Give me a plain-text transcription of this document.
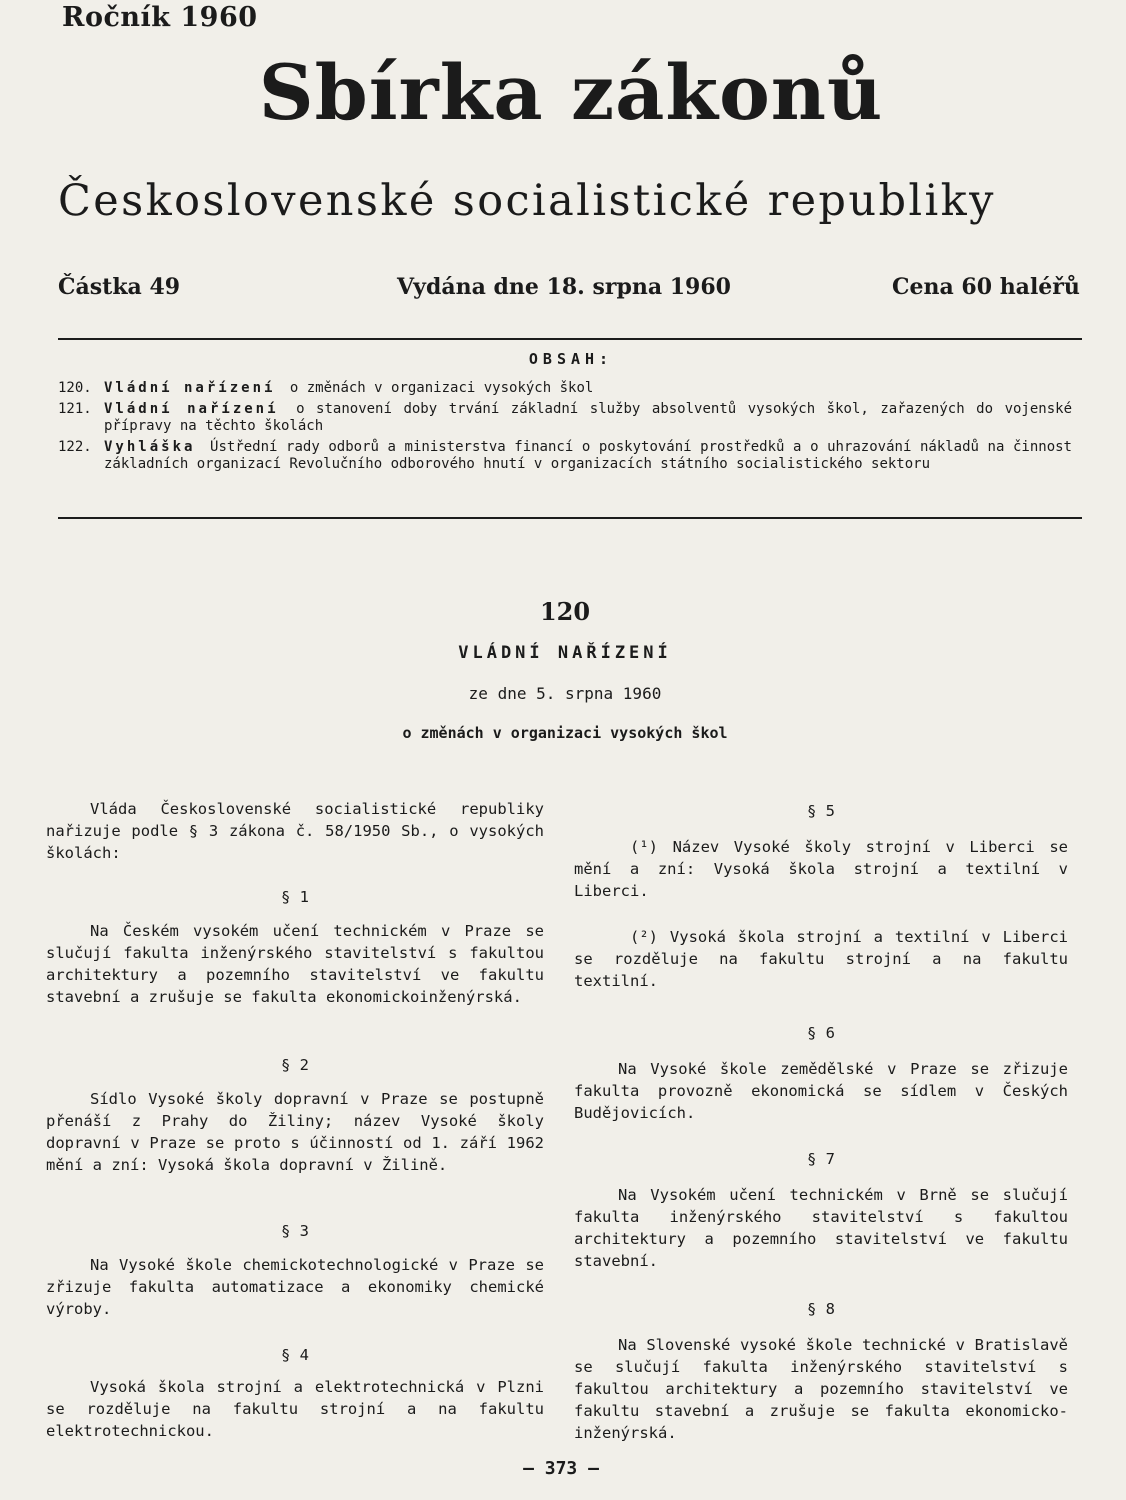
Ročník 1960
Sbírka zákonů
Československé socialistické republiky
Částka 49	Vydána dne 18. srpna 1960	Cena 60 haléřů
OBSAH:
120. Vládní nařízení o změnách v organizaci vysokých škol
121. Vládní nařízení o stanovení doby trvání základní služby absolventů vysokých škol, zařazených do vojenské přípravy na těchto školách
122. Vyhláška Ústřední rady odborů a ministerstva financí o poskytování prostředků a o uhrazování nákladů na činnost základních organizací Revolučního odborového hnutí v organizacích státního socialistického sektoru
120
VLÁDNÍ NAŘÍZENÍ
ze dne 5. srpna 1960
o změnách v organizaci vysokých škol
Vláda Československé socialistické republiky nařizuje podle § 3 zákona č. 58/1950 Sb., o vysokých školách:
§ 1
Na Českém vysokém učení technickém v Praze se slučují fakulta inženýrského stavitelství s fakultou architektury a pozemního stavitelství ve fakultu stavební a zrušuje se fakulta ekonomickoinženýrská.
§ 2
Sídlo Vysoké školy dopravní v Praze se postupně přenáší z Prahy do Žiliny; název Vysoké školy dopravní v Praze se proto s účinností od 1. září 1962 mění a zní: Vysoká škola dopravní v Žilině.
§ 3
Na Vysoké škole chemickotechnologické v Praze se zřizuje fakulta automatizace a ekonomiky chemické výroby.
§ 4
Vysoká škola strojní a elektrotechnická v Plzni se rozděluje na fakultu strojní a na fakultu elektrotechnickou.
§ 5
(¹) Název Vysoké školy strojní v Liberci se mění a zní: Vysoká škola strojní a textilní v Liberci.
(²) Vysoká škola strojní a textilní v Liberci se rozděluje na fakultu strojní a na fakultu textilní.
§ 6
Na Vysoké škole zemědělské v Praze se zřizuje fakulta provozně ekonomická se sídlem v Českých Budějovicích.
§ 7
Na Vysokém učení technickém v Brně se slučují fakulta inženýrského stavitelství s fakultou architektury a pozemního stavitelství ve fakultu stavební.
§ 8
Na Slovenské vysoké škole technické v Bratislavě se slučují fakulta inženýrského stavitelství s fakultou architektury a pozemního stavitelství ve fakultu stavební a zrušuje se fakulta ekonomicko-inženýrská.
— 373 —
